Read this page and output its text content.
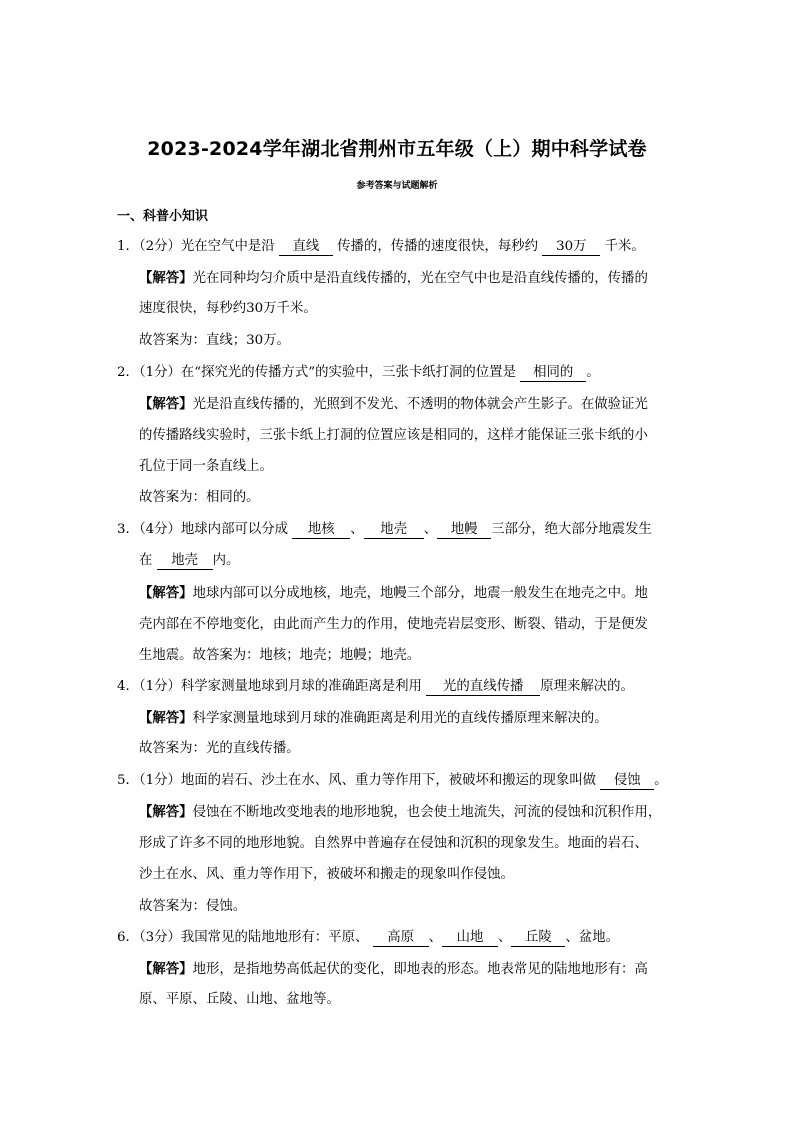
2023-2024学年湖北省荆州市五年级（上）期中科学试卷
参考答案与试题解析
一、科普小知识
1．（2分）光在空气中是沿 直线 传播的，传播的速度很快，每秒约 30万 千米。
【解答】光在同种均匀介质中是沿直线传播的，光在空气中也是沿直线传播的，传播的
速度很快，每秒约30万千米。
故答案为：直线；30万。
2．（1分）在“探究光的传播方式”的实验中，三张卡纸打洞的位置是 相同的 。
【解答】光是沿直线传播的，光照到不发光、不透明的物体就会产生影子。在做验证光
的传播路线实验时，三张卡纸上打洞的位置应该是相同的，这样才能保证三张卡纸的小
孔位于同一条直线上。
故答案为：相同的。
3．（4分）地球内部可以分成 地核 、 地壳 、 地幔 三部分，绝大部分地震发生
在 地壳 内。
【解答】地球内部可以分成地核，地壳，地幔三个部分，地震一般发生在地壳之中。地
壳内部在不停地变化，由此而产生力的作用，使地壳岩层变形、断裂、错动，于是便发
生地震。故答案为：地核；地壳；地幔；地壳。
4．（1分）科学家测量地球到月球的准确距离是利用 光的直线传播 原理来解决的。
【解答】科学家测量地球到月球的准确距离是利用光的直线传播原理来解决的。
故答案为：光的直线传播。
5．（1分）地面的岩石、沙土在水、风、重力等作用下，被破坏和搬运的现象叫做 侵蚀 。
【解答】侵蚀在不断地改变地表的地形地貌，也会使土地流失，河流的侵蚀和沉积作用，
形成了许多不同的地形地貌。自然界中普遍存在侵蚀和沉积的现象发生。地面的岩石、
沙土在水、风、重力等作用下，被破坏和搬走的现象叫作侵蚀。
故答案为：侵蚀。
6．（3分）我国常见的陆地地形有：平原、 高原 、 山地 、 丘陵 、盆地。
【解答】地形，是指地势高低起伏的变化，即地表的形态。地表常见的陆地地形有：高
原、平原、丘陵、山地、盆地等。
